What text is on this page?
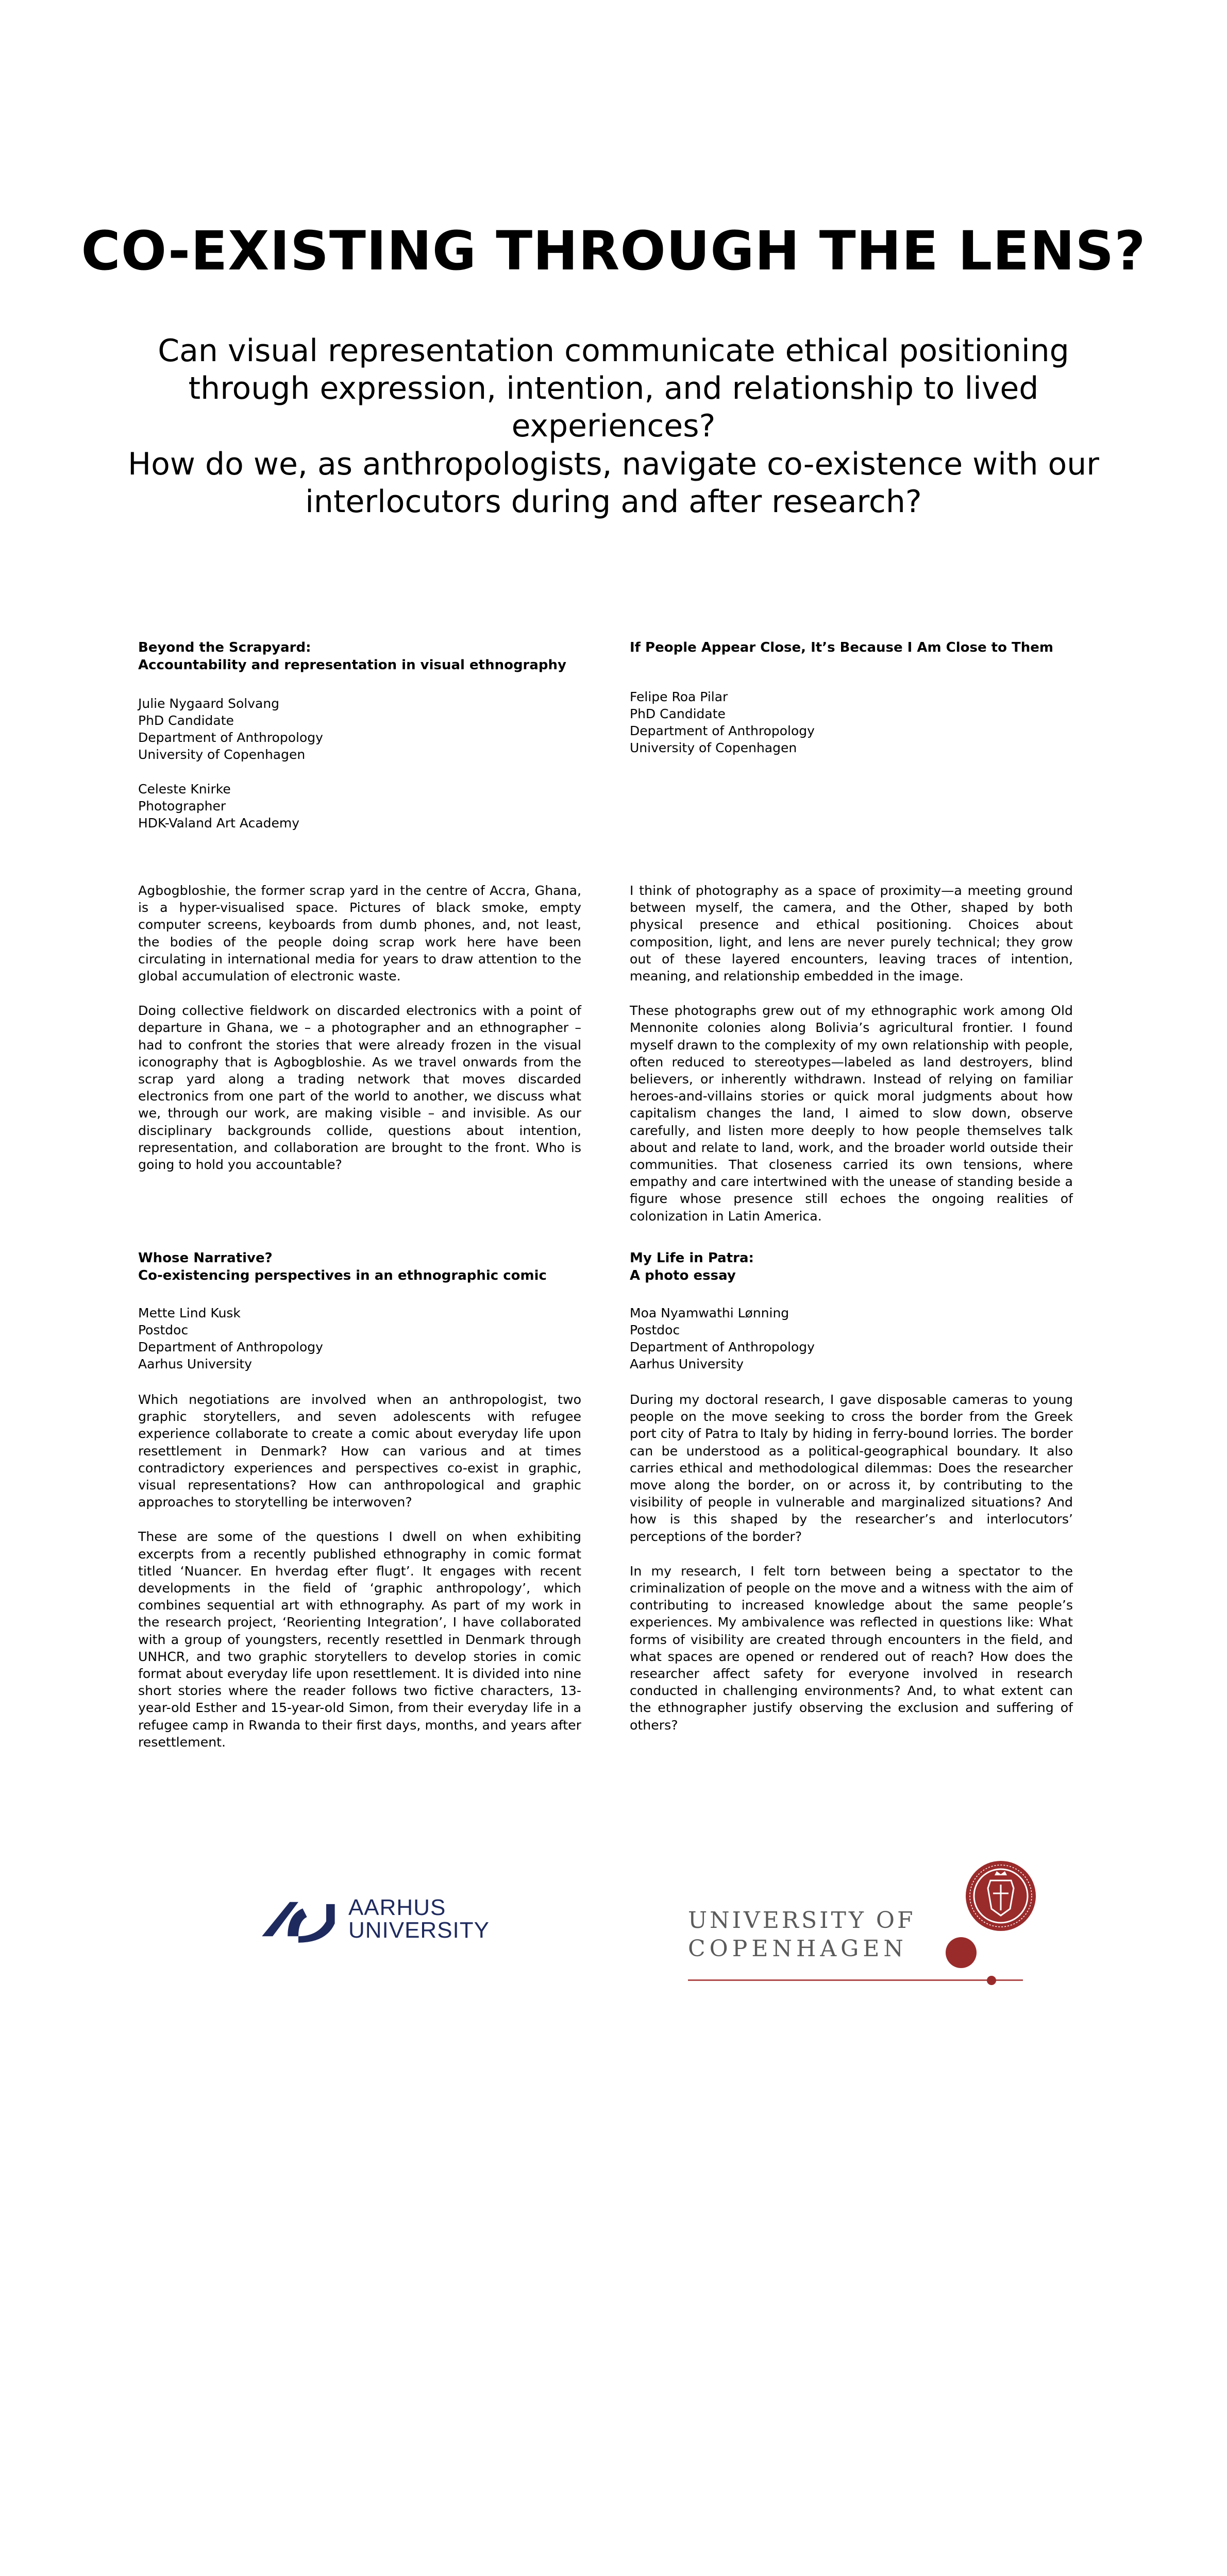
CO-EXISTING THROUGH THE LENS?

Can visual representation communicate ethical positioning through expression, intention, and relationship to lived experiences?

How do we, as anthropologists, navigate co-existence with our interlocutors during and after research?

Beyond the Scrapyard:
Accountability and representation in visual ethnography
Julie Nygaard Solvang
PhD Candidate
Department of Anthropology
University of Copenhagen
Celeste Knirke
Photographer
HDK-Valand Art Academy

Agbogbloshie, the former scrap yard in the centre of Accra, Ghana, is a hyper-visualised space. Pictures of black smoke, empty computer screens, keyboards from dumb phones, and, not least, the bodies of the people doing scrap work here have been circulating in international media for years to draw attention to the global accumulation of electronic waste.

Doing collective fieldwork on discarded electronics with a point of departure in Ghana, we – a photographer and an ethnographer – had to confront the stories that were already frozen in the visual iconography that is Agbogbloshie. As we travel onwards from the scrap yard along a trading network that moves discarded electronics from one part of the world to another, we discuss what we, through our work, are making visible – and invisible. As our disciplinary backgrounds collide, questions about intention, representation, and collaboration are brought to the front. Who is going to hold you accountable?

If People Appear Close, It’s Because I Am Close to Them
Felipe Roa Pilar
PhD Candidate
Department of Anthropology
University of Copenhagen

I think of photography as a space of proximity—a meeting ground between myself, the camera, and the Other, shaped by both physical presence and ethical positioning. Choices about composition, light, and lens are never purely technical; they grow out of these layered encounters, leaving traces of intention, meaning, and relationship embedded in the image.

These photographs grew out of my ethnographic work among Old Mennonite colonies along Bolivia’s agricultural frontier. I found myself drawn to the complexity of my own relationship with people, often reduced to stereotypes—labeled as land destroyers, blind believers, or inherently withdrawn. Instead of relying on familiar heroes-and-villains stories or quick moral judgments about how capitalism changes the land, I aimed to slow down, observe carefully, and listen more deeply to how people themselves talk about and relate to land, work, and the broader world outside their communities. That closeness carried its own tensions, where empathy and care intertwined with the unease of standing beside a figure whose presence still echoes the ongoing realities of colonization in Latin America.

Whose Narrative?
Co-existencing perspectives in an ethnographic comic
Mette Lind Kusk
Postdoc
Department of Anthropology
Aarhus University

Which negotiations are involved when an anthropologist, two graphic storytellers, and seven adolescents with refugee experience collaborate to create a comic about everyday life upon resettlement in Denmark? How can various and at times contradictory experiences and perspectives co-exist in graphic, visual representations? How can anthropological and graphic approaches to storytelling be interwoven?

These are some of the questions I dwell on when exhibiting excerpts from a recently published ethnography in comic format titled ‘Nuancer. En hverdag efter flugt’. It engages with recent developments in the field of ‘graphic anthropology’, which combines sequential art with ethnography. As part of my work in the research project, ‘Reorienting Integration’, I have collaborated with a group of youngsters, recently resettled in Denmark through UNHCR, and two graphic storytellers to develop stories in comic format about everyday life upon resettlement. It is divided into nine short stories where the reader follows two fictive characters, 13-year-old Esther and 15-year-old Simon, from their everyday life in a refugee camp in Rwanda to their first days, months, and years after resettlement.

My Life in Patra:
A photo essay
Moa Nyamwathi Lønning
Postdoc
Department of Anthropology
Aarhus University

During my doctoral research, I gave disposable cameras to young people on the move seeking to cross the border from the Greek port city of Patra to Italy by hiding in ferry-bound lorries. The border can be understood as a political-geographical boundary. It also carries ethical and methodological dilemmas: Does the researcher move along the border, on or across it, by contributing to the visibility of people in vulnerable and marginalized situations? And how is this shaped by the researcher’s and interlocutors’ perceptions of the border?

In my research, I felt torn between being a spectator to the criminalization of people on the move and a witness with the aim of contributing to increased knowledge about the same people’s experiences. My ambivalence was reflected in questions like: What forms of visibility are created through encounters in the field, and what spaces are opened or rendered out of reach? How does the researcher affect safety for everyone involved in research conducted in challenging environments? And, to what extent can the ethnographer justify observing the exclusion and suffering of others?

AARHUS
UNIVERSITY	UNIVERSITY OF
COPENHAGEN
